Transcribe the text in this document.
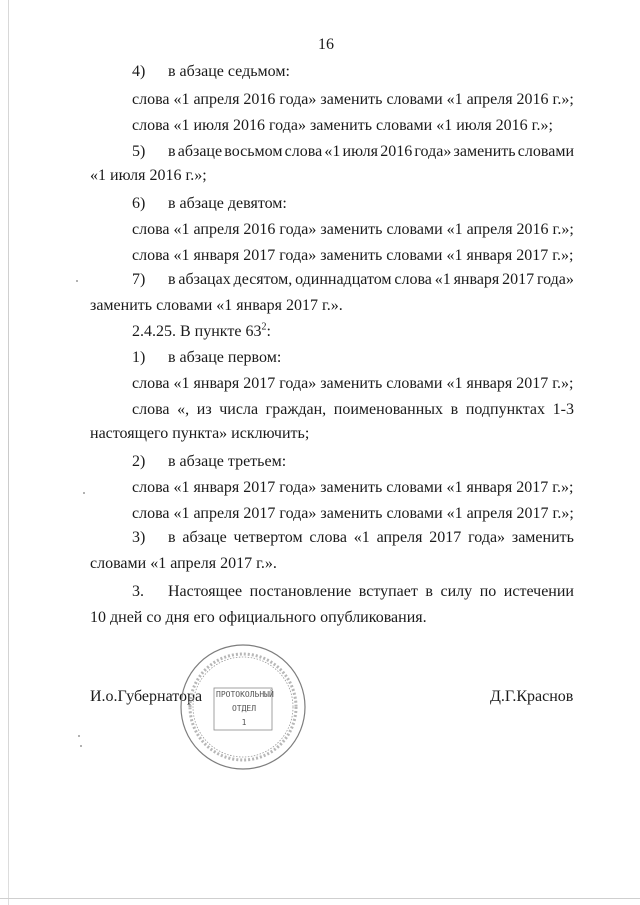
16
4) в абзаце седьмом:
слова «1 апреля 2016 года» заменить словами «1 апреля 2016 г.»;
слова «1 июля 2016 года» заменить словами «1 июля 2016 г.»;
5) в абзаце восьмом слова «1 июля 2016 года» заменить словами
«1 июля 2016 г.»;
6) в абзаце девятом:
слова «1 апреля 2016 года» заменить словами «1 апреля 2016 г.»;
слова «1 января 2017 года» заменить словами «1 января 2017 г.»;
7) в абзацах десятом, одиннадцатом слова «1 января 2017 года»
заменить словами «1 января 2017 г.».
2.4.25. В пункте $63^2$:
1) в абзаце первом:
слова «1 января 2017 года» заменить словами «1 января 2017 г.»;
слова «, из числа граждан, поименованных в подпунктах 1-3
настоящего пункта» исключить;
2) в абзаце третьем:
слова «1 января 2017 года» заменить словами «1 января 2017 г.»;
слова «1 апреля 2017 года» заменить словами «1 апреля 2017 г.»;
3) в абзаце четвертом слова «1 апреля 2017 года» заменить
словами «1 апреля 2017 г.».
3. Настоящее постановление вступает в силу по истечении
10 дней со дня его официального опубликования.
И.о.Губернатора	Д.Г.Краснов
ПРОТОКОЛЬНЫЙ
ОТДЕЛ
1
